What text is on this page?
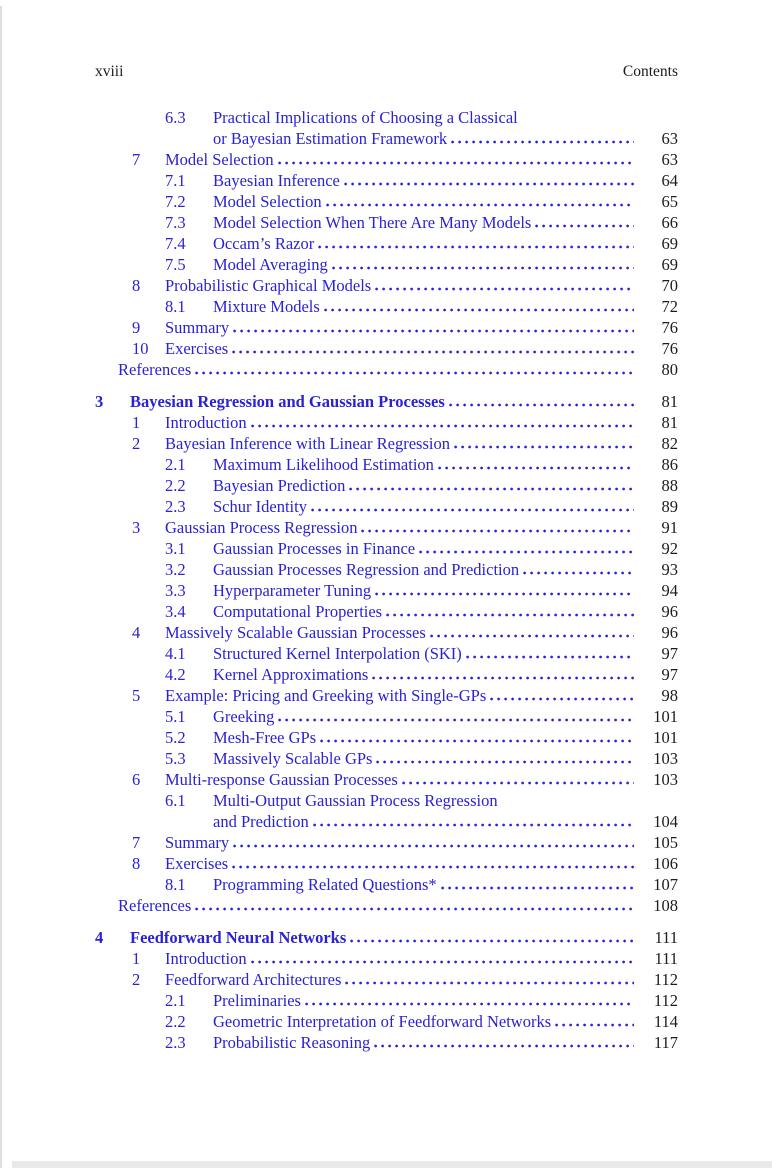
xviii	Contents
6.3	Practical Implications of Choosing a Classical
or Bayesian Estimation Framework	63
7	Model Selection	63
7.1	Bayesian Inference	64
7.2	Model Selection	65
7.3	Model Selection When There Are Many Models	66
7.4	Occam’s Razor	69
7.5	Model Averaging	69
8	Probabilistic Graphical Models	70
8.1	Mixture Models	72
9	Summary	76
10	Exercises	76
References	80
3	Bayesian Regression and Gaussian Processes	81
1	Introduction	81
2	Bayesian Inference with Linear Regression	82
2.1	Maximum Likelihood Estimation	86
2.2	Bayesian Prediction	88
2.3	Schur Identity	89
3	Gaussian Process Regression	91
3.1	Gaussian Processes in Finance	92
3.2	Gaussian Processes Regression and Prediction	93
3.3	Hyperparameter Tuning	94
3.4	Computational Properties	96
4	Massively Scalable Gaussian Processes	96
4.1	Structured Kernel Interpolation (SKI)	97
4.2	Kernel Approximations	97
5	Example: Pricing and Greeking with Single-GPs	98
5.1	Greeking	101
5.2	Mesh-Free GPs	101
5.3	Massively Scalable GPs	103
6	Multi-response Gaussian Processes	103
6.1	Multi-Output Gaussian Process Regression
and Prediction	104
7	Summary	105
8	Exercises	106
8.1	Programming Related Questions*	107
References	108
4	Feedforward Neural Networks	111
1	Introduction	111
2	Feedforward Architectures	112
2.1	Preliminaries	112
2.2	Geometric Interpretation of Feedforward Networks	114
2.3	Probabilistic Reasoning	117
